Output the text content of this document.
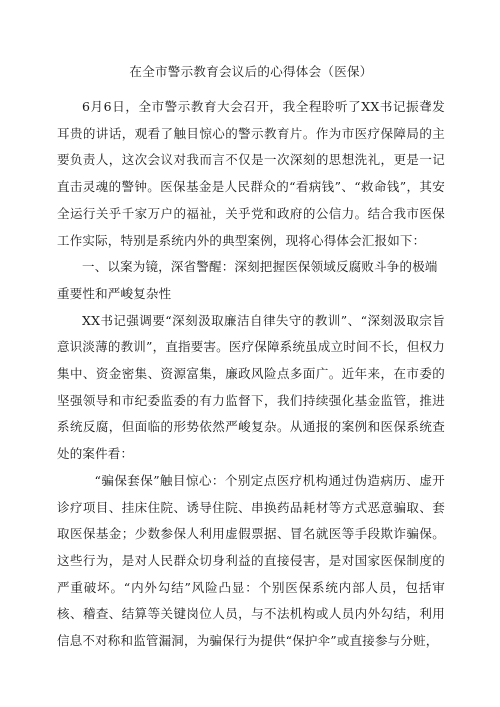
在全市警示教育会议后的心得体会（医保）

6月6日，全市警示教育大会召开，我全程聆听了XX书记振聋发耳贵的讲话，观看了触目惊心的警示教育片。作为市医疗保障局的主要负责人，这次会议对我而言不仅是一次深刻的思想洗礼，更是一记直击灵魂的警钟。医保基金是人民群众的“看病钱”、“救命钱”，其安全运行关乎千家万户的福祉，关乎党和政府的公信力。结合我市医保工作实际，特别是系统内外的典型案例，现将心得体会汇报如下：

一、以案为镜，深省警醒：深刻把握医保领域反腐败斗争的极端重要性和严峻复杂性

XX书记强调要“深刻汲取廉洁自律失守的教训”、“深刻汲取宗旨意识淡薄的教训”，直指要害。医疗保障系统虽成立时间不长，但权力集中、资金密集、资源富集，廉政风险点多面广。近年来，在市委的坚强领导和市纪委监委的有力监督下，我们持续强化基金监管，推进系统反腐，但面临的形势依然严峻复杂。从通报的案例和医保系统查处的案件看：

“骗保套保”触目惊心：个别定点医疗机构通过伪造病历、虚开诊疗项目、挂床住院、诱导住院、串换药品耗材等方式恶意骗取、套取医保基金；少数参保人利用虚假票据、冒名就医等手段欺诈骗保。这些行为，是对人民群众切身利益的直接侵害，是对国家医保制度的严重破坏。“内外勾结”风险凸显：个别医保系统内部人员，包括审核、稽查、结算等关键岗位人员，与不法机构或人员内外勾结，利用信息不对称和监管漏洞，为骗保行为提供“保护伞”或直接参与分赃，
